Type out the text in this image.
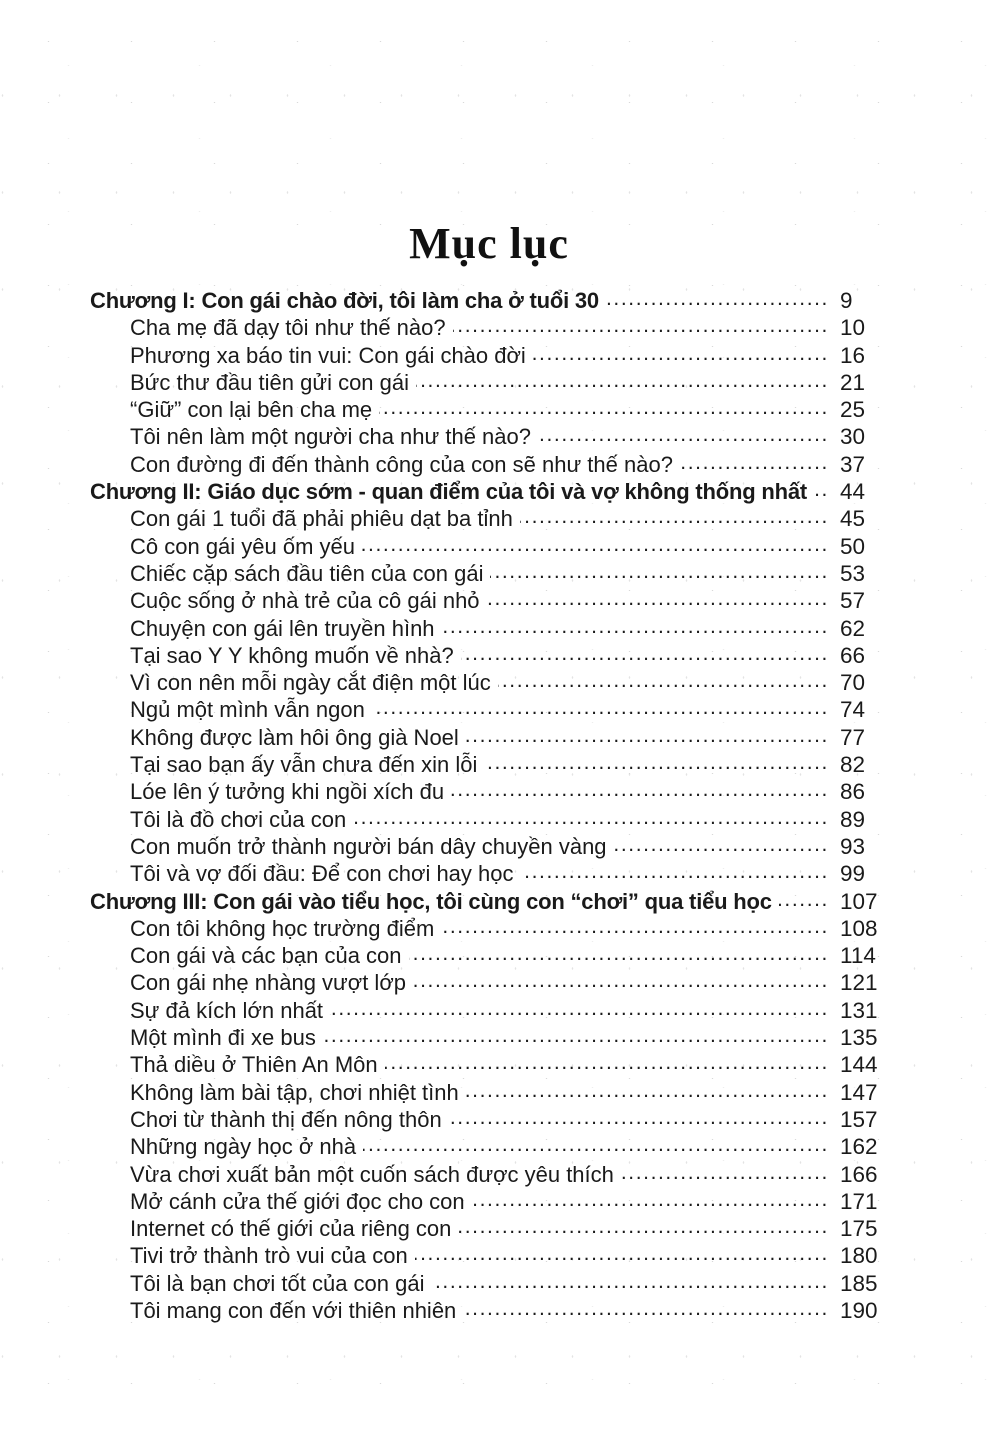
Mục lục
Chương I: Con gái chào đời, tôi làm cha ở tuổi 30 .....	9
Cha mẹ đã dạy tôi như thế nào? .....	10
Phương xa báo tin vui: Con gái chào đời .....	16
Bức thư đầu tiên gửi con gái .....	21
“Giữ” con lại bên cha mẹ .....	25
Tôi nên làm một người cha như thế nào? .....	30
Con đường đi đến thành công của con sẽ như thế nào? .....	37
Chương II: Giáo dục sớm - quan điểm của tôi và vợ không thống nhất .....	44
Con gái 1 tuổi đã phải phiêu dạt ba tỉnh .....	45
Cô con gái yêu ốm yếu .....	50
Chiếc cặp sách đầu tiên của con gái .....	53
Cuộc sống ở nhà trẻ của cô gái nhỏ .....	57
Chuyện con gái lên truyền hình .....	62
Tại sao Y Y không muốn về nhà? .....	66
Vì con nên mỗi ngày cắt điện một lúc .....	70
Ngủ một mình vẫn ngon .....	74
Không được làm hôi ông già Noel .....	77
Tại sao bạn ấy vẫn chưa đến xin lỗi .....	82
Lóe lên ý tưởng khi ngồi xích đu .....	86
Tôi là đồ chơi của con .....	89
Con muốn trở thành người bán dây chuyền vàng .....	93
Tôi và vợ đối đầu: Để con chơi hay học .....	99
Chương III: Con gái vào tiểu học, tôi cùng con “chơi” qua tiểu học .....	107
Con tôi không học trường điểm .....	108
Con gái và các bạn của con .....	114
Con gái nhẹ nhàng vượt lớp .....	121
Sự đả kích lớn nhất .....	131
Một mình đi xe bus .....	135
Thả diều ở Thiên An Môn .....	144
Không làm bài tập, chơi nhiệt tình .....	147
Chơi từ thành thị đến nông thôn .....	157
Những ngày học ở nhà .....	162
Vừa chơi xuất bản một cuốn sách được yêu thích .....	166
Mở cánh cửa thế giới đọc cho con .....	171
Internet có thế giới của riêng con .....	175
Tivi trở thành trò vui của con .....	180
Tôi là bạn chơi tốt của con gái .....	185
Tôi mang con đến với thiên nhiên .....	190
